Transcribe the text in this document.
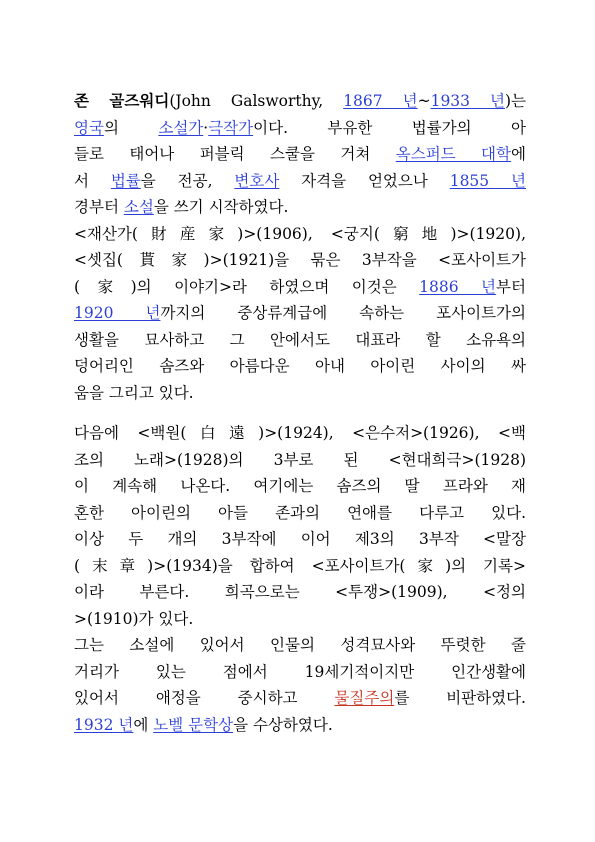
존 골즈워디(John Galsworthy, 1867 년~1933 년)는
영국의 소설가·극작가이다. 부유한 법률가의 아
들로 태어나 퍼블릭 스쿨을 거쳐 옥스퍼드 대학에
서 법률을 전공, 변호사 자격을 얻었으나 1855 년
경부터 소설을 쓰기 시작하였다.
<재산가(財産家)>(1906), <궁지(窮地)>(1920),
<셋집(貰家)>(1921)을 묶은 3부작을 <포사이트가
(家)의 이야기>라 하였으며 이것은 1886 년부터
1920 년까지의 중상류계급에 속하는 포사이트가의
생활을 묘사하고 그 안에서도 대표라 할 소유욕의
덩어리인 솜즈와 아름다운 아내 아이린 사이의 싸
움을 그리고 있다.
다음에 <백원(白遠)>(1924), <은수저>(1926), <백
조의 노래>(1928)의 3부로 된 <현대희극>(1928)
이 계속해 나온다. 여기에는 솜즈의 딸 프라와 재
혼한 아이린의 아들 존과의 연애를 다루고 있다.
이상 두 개의 3부작에 이어 제3의 3부작 <말장
(末章)>(1934)을 합하여 <포사이트가(家)의 기록>
이라 부른다. 희곡으로는 <투쟁>(1909), <정의
>(1910)가 있다.
그는 소설에 있어서 인물의 성격묘사와 뚜렷한 줄
거리가 있는 점에서 19세기적이지만 인간생활에
있어서 애정을 중시하고 물질주의를 비판하였다.
1932 년에 노벨 문학상을 수상하였다.
